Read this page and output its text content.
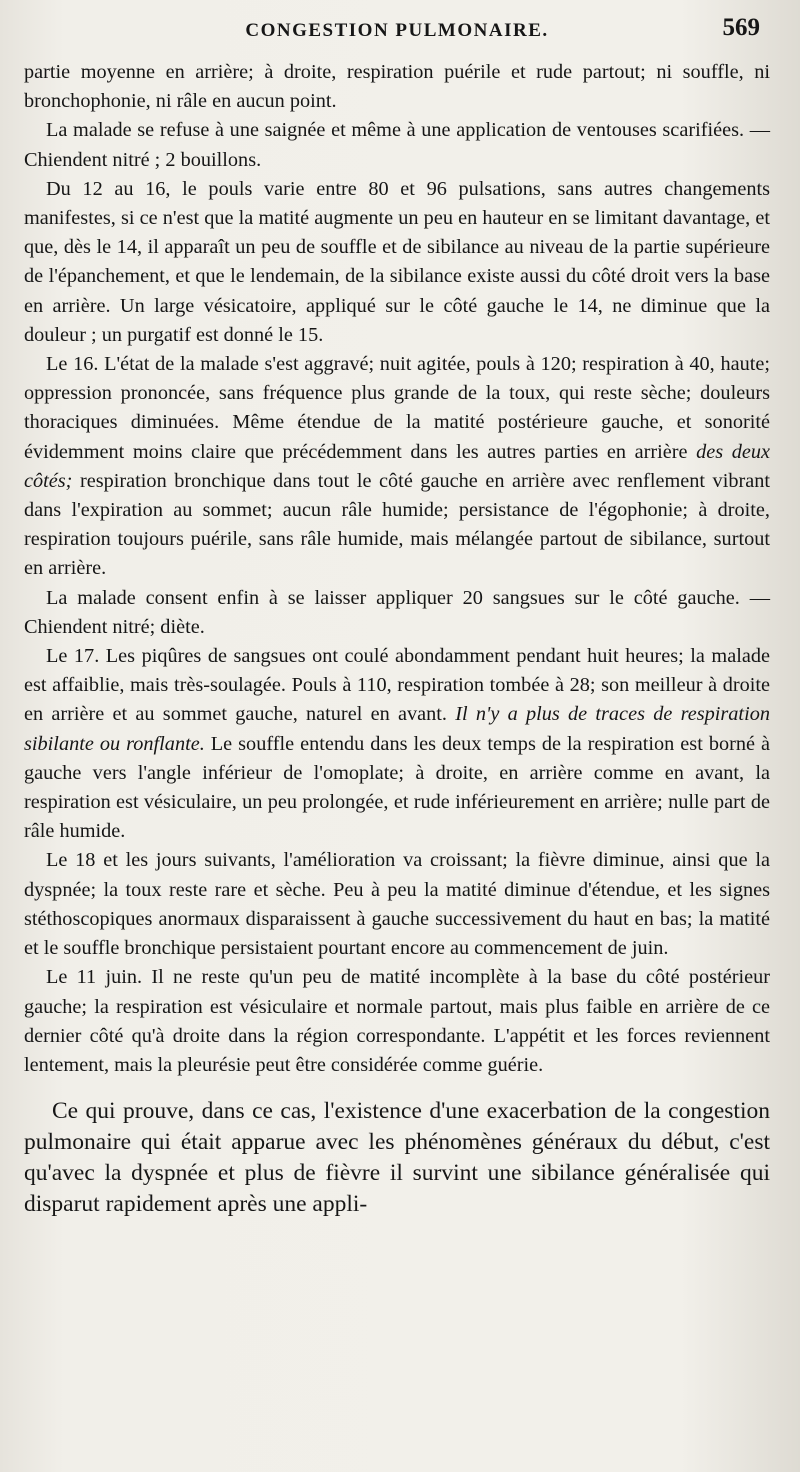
CONGESTION PULMONAIRE.	569

partie moyenne en arrière; à droite, respiration puérile et rude partout; ni souffle, ni bronchophonie, ni râle en aucun point.

La malade se refuse à une saignée et même à une application de ventouses scarifiées. — Chiendent nitré ; 2 bouillons.

Du 12 au 16, le pouls varie entre 80 et 96 pulsations, sans autres changements manifestes, si ce n'est que la matité augmente un peu en hauteur en se limitant davantage, et que, dès le 14, il apparaît un peu de souffle et de sibilance au niveau de la partie supérieure de l'épanchement, et que le lendemain, de la sibilance existe aussi du côté droit vers la base en arrière. Un large vésicatoire, appliqué sur le côté gauche le 14, ne diminue que la douleur ; un purgatif est donné le 15.

Le 16. L'état de la malade s'est aggravé; nuit agitée, pouls à 120; respiration à 40, haute; oppression prononcée, sans fréquence plus grande de la toux, qui reste sèche; douleurs thoraciques diminuées. Même étendue de la matité postérieure gauche, et sonorité évidemment moins claire que précédemment dans les autres parties en arrière des deux côtés; respiration bronchique dans tout le côté gauche en arrière avec renflement vibrant dans l'expiration au sommet; aucun râle humide; persistance de l'égophonie; à droite, respiration toujours puérile, sans râle humide, mais mélangée partout de sibilance, surtout en arrière.

La malade consent enfin à se laisser appliquer 20 sangsues sur le côté gauche. — Chiendent nitré; diète.

Le 17. Les piqûres de sangsues ont coulé abondamment pendant huit heures; la malade est affaiblie, mais très-soulagée. Pouls à 110, respiration tombée à 28; son meilleur à droite en arrière et au sommet gauche, naturel en avant. Il n'y a plus de traces de respiration sibilante ou ronflante. Le souffle entendu dans les deux temps de la respiration est borné à gauche vers l'angle inférieur de l'omoplate; à droite, en arrière comme en avant, la respiration est vésiculaire, un peu prolongée, et rude inférieurement en arrière; nulle part de râle humide.

Le 18 et les jours suivants, l'amélioration va croissant; la fièvre diminue, ainsi que la dyspnée; la toux reste rare et sèche. Peu à peu la matité diminue d'étendue, et les signes stéthoscopiques anormaux disparaissent à gauche successivement du haut en bas; la matité et le souffle bronchique persistaient pourtant encore au commencement de juin.

Le 11 juin. Il ne reste qu'un peu de matité incomplète à la base du côté postérieur gauche; la respiration est vésiculaire et normale partout, mais plus faible en arrière de ce dernier côté qu'à droite dans la région correspondante. L'appétit et les forces reviennent lentement, mais la pleurésie peut être considérée comme guérie.

Ce qui prouve, dans ce cas, l'existence d'une exacerbation de la congestion pulmonaire qui était apparue avec les phénomènes généraux du début, c'est qu'avec la dyspnée et plus de fièvre il survint une sibilance généralisée qui disparut rapidement après une appli-
